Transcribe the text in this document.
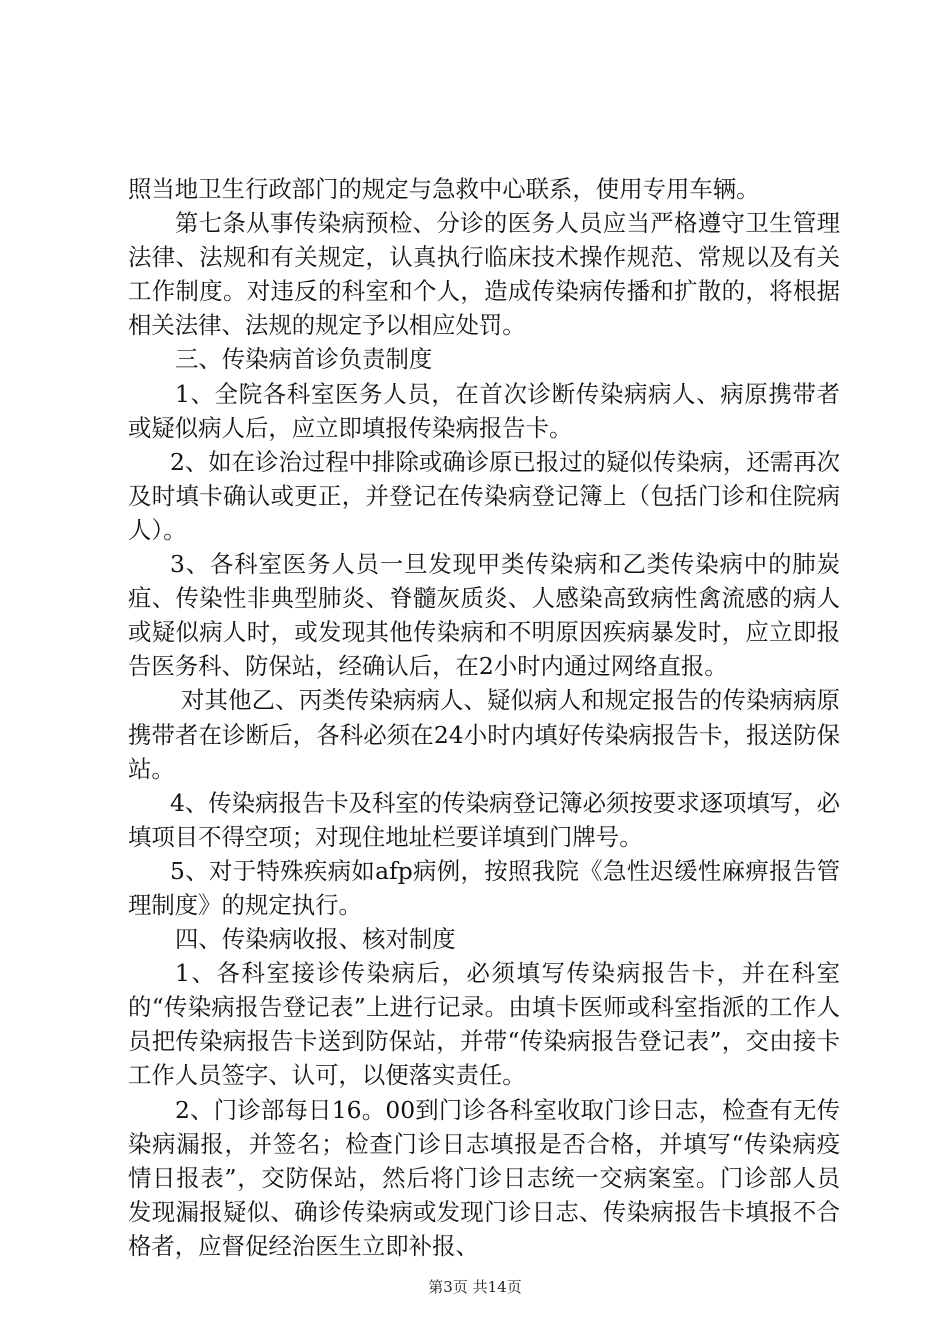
照当地卫生行政部门的规定与急救中心联系，使用专用车辆。

第七条从事传染病预检、分诊的医务人员应当严格遵守卫生管理法律、法规和有关规定，认真执行临床技术操作规范、常规以及有关工作制度。对违反的科室和个人，造成传染病传播和扩散的，将根据相关法律、法规的规定予以相应处罚。

三、传染病首诊负责制度

1、全院各科室医务人员，在首次诊断传染病病人、病原携带者或疑似病人后，应立即填报传染病报告卡。

2、如在诊治过程中排除或确诊原已报过的疑似传染病，还需再次及时填卡确认或更正，并登记在传染病登记簿上（包括门诊和住院病人）。

3、各科室医务人员一旦发现甲类传染病和乙类传染病中的肺炭疽、传染性非典型肺炎、脊髓灰质炎、人感染高致病性禽流感的病人或疑似病人时，或发现其他传染病和不明原因疾病暴发时，应立即报告医务科、防保站，经确认后，在2小时内通过网络直报。

对其他乙、丙类传染病病人、疑似病人和规定报告的传染病病原携带者在诊断后，各科必须在24小时内填好传染病报告卡，报送防保站。

4、传染病报告卡及科室的传染病登记簿必须按要求逐项填写，必填项目不得空项；对现住地址栏要详填到门牌号。

5、对于特殊疾病如afp病例，按照我院《急性迟缓性麻痹报告管理制度》的规定执行。

四、传染病收报、核对制度

1、各科室接诊传染病后，必须填写传染病报告卡，并在科室的“传染病报告登记表”上进行记录。由填卡医师或科室指派的工作人员把传染病报告卡送到防保站，并带“传染病报告登记表”，交由接卡工作人员签字、认可，以便落实责任。

2、门诊部每日16。00到门诊各科室收取门诊日志，检查有无传染病漏报，并签名；检查门诊日志填报是否合格，并填写“传染病疫情日报表”，交防保站，然后将门诊日志统一交病案室。门诊部人员发现漏报疑似、确诊传染病或发现门诊日志、传染病报告卡填报不合格者，应督促经治医生立即补报、

第3页 共14页
